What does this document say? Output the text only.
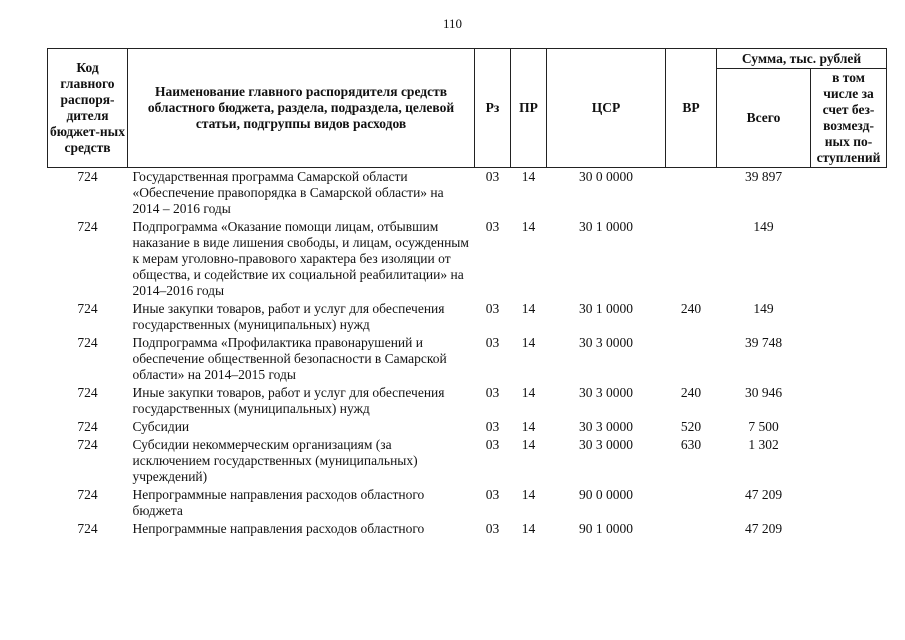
110
Код главного распоря-дителя бюджет-ных средств	Наименование главного распорядителя средств областного бюджета, раздела, подраздела, целевой статьи, подгруппы видов расходов	Рз	ПР	ЦСР	ВР	Сумма, тыс. рублей	
						Всего	в том числе за счет без-возмезд-ных по-ступлений
724	Государственная программа Самарской области «Обеспечение правопорядка в Самарской области» на 2014 – 2016 годы	03	14	30 0 0000		39 897	
724	Подпрограмма «Оказание помощи лицам, отбывшим наказание в виде лишения свободы, и лицам, осужденным к мерам уголовно-правового характера без изоляции от общества, и содействие их социальной реабилитации» на 2014–2016 годы	03	14	30 1 0000		149	
724	Иные закупки товаров, работ и услуг для обеспечения государственных (муниципальных) нужд	03	14	30 1 0000	240	149	
724	Подпрограмма «Профилактика правонарушений и обеспечение общественной безопасности в Самарской области» на 2014–2015 годы	03	14	30 3 0000		39 748	
724	Иные закупки товаров, работ и услуг для обеспечения государственных (муниципальных) нужд	03	14	30 3 0000	240	30 946	
724	Субсидии	03	14	30 3 0000	520	7 500	
724	Субсидии некоммерческим организациям (за исключением государственных (муниципальных) учреждений)	03	14	30 3 0000	630	1 302	
724	Непрограммные направления расходов областного бюджета	03	14	90 0 0000		47 209	
724	Непрограммные направления расходов областного	03	14	90 1 0000		47 209	
